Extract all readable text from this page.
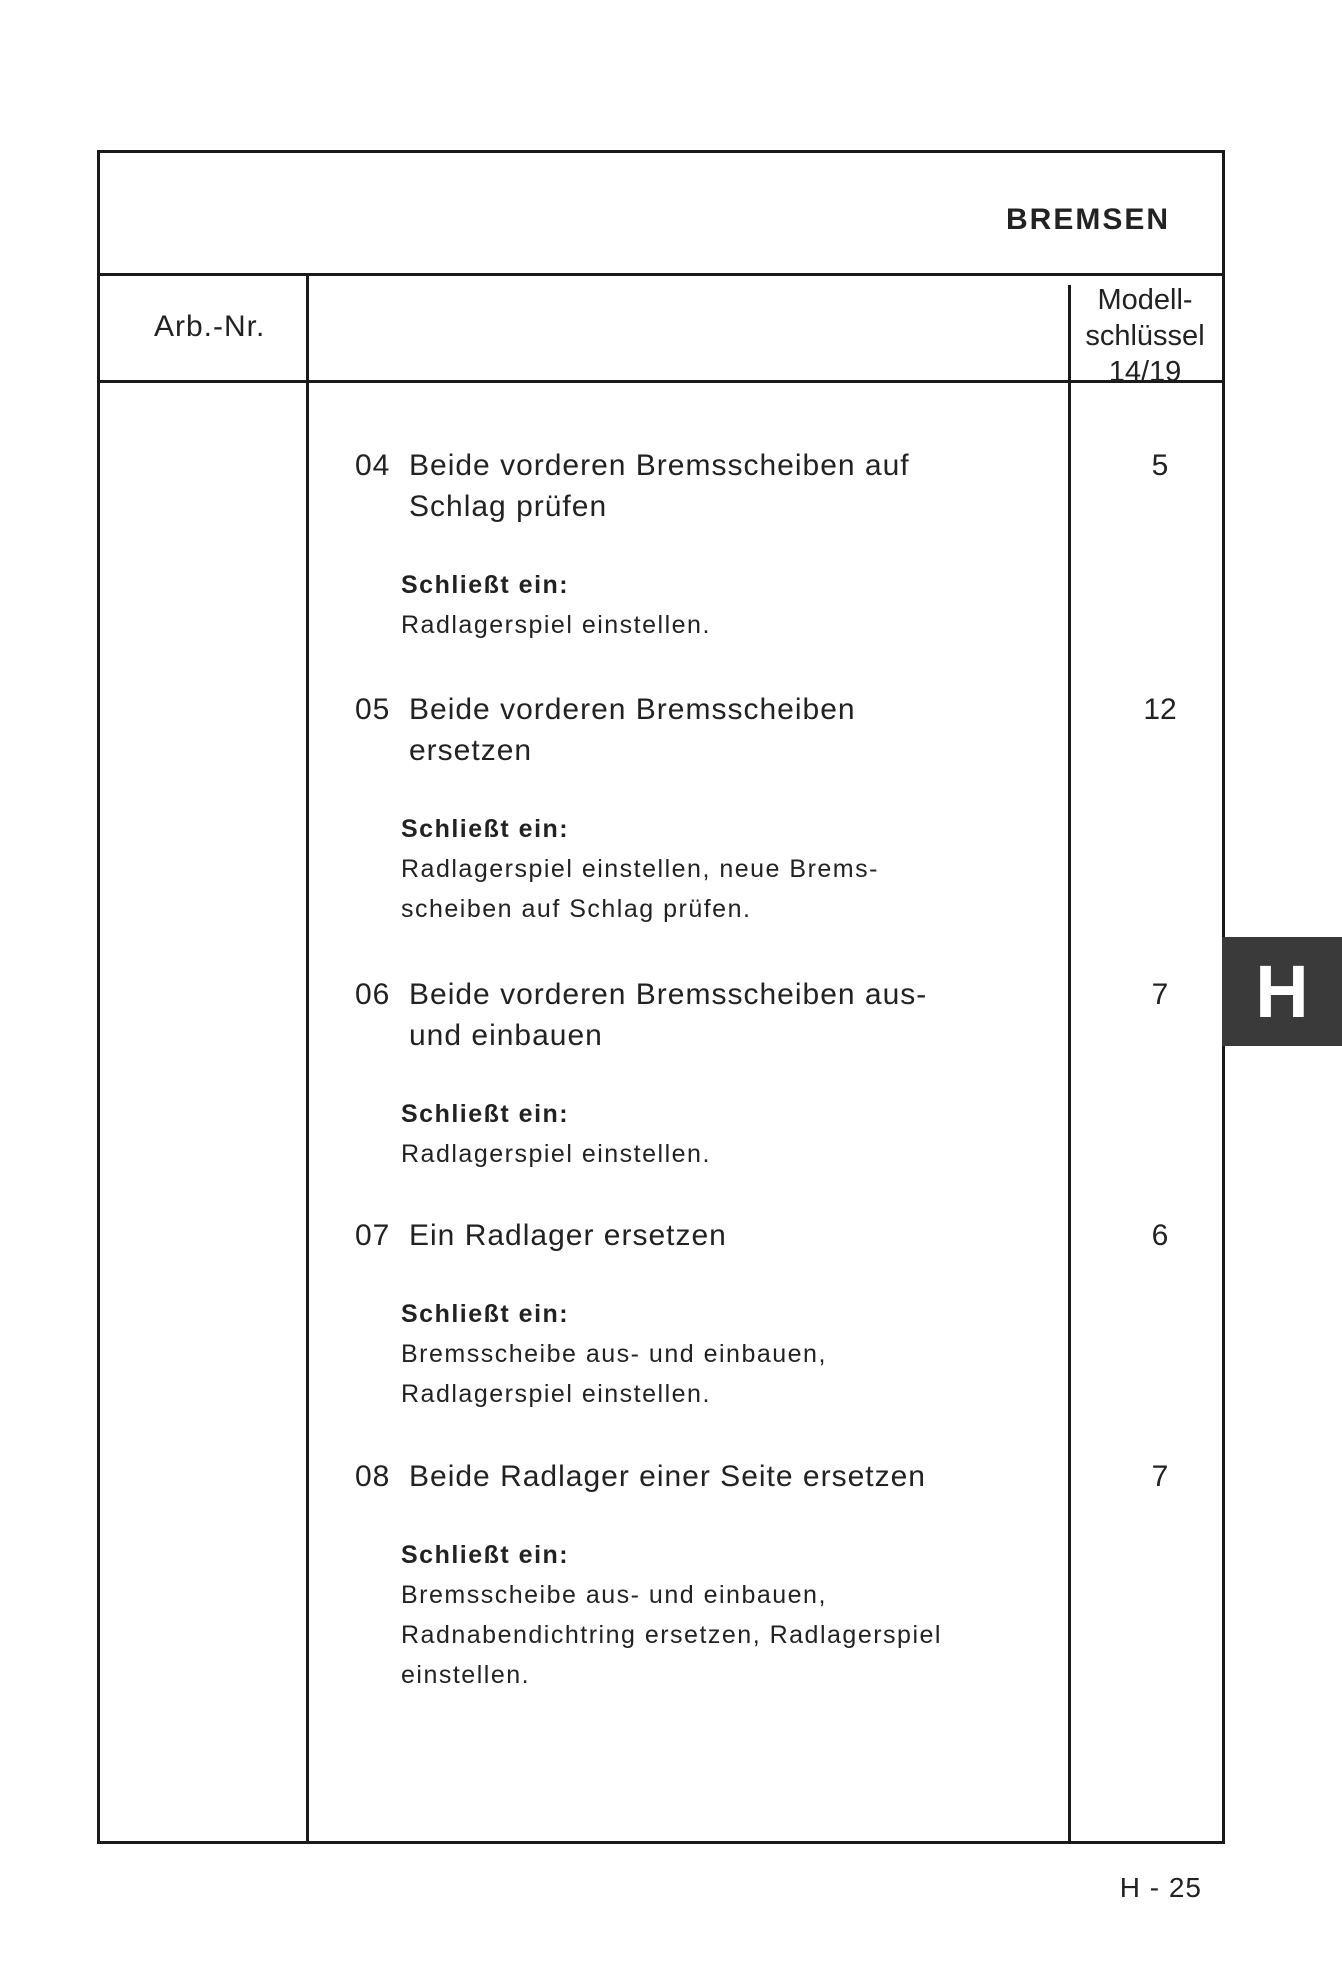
BREMSEN
Arb.-Nr.
Modell-
schlüssel
14/19
04 Beide vorderen Bremsscheiben auf
Schlag prüfen
Schließt ein:
Radlagerspiel einstellen.
5
05 Beide vorderen Bremsscheiben
ersetzen
Schließt ein:
Radlagerspiel einstellen, neue Brems-
scheiben auf Schlag prüfen.
12
06 Beide vorderen Bremsscheiben aus-
und einbauen
Schließt ein:
Radlagerspiel einstellen.
7
07 Ein Radlager ersetzen
Schließt ein:
Bremsscheibe aus- und einbauen,
Radlagerspiel einstellen.
6
08 Beide Radlager einer Seite ersetzen
Schließt ein:
Bremsscheibe aus- und einbauen,
Radnabendichtring ersetzen, Radlagerspiel
einstellen.
7
H
H - 25
